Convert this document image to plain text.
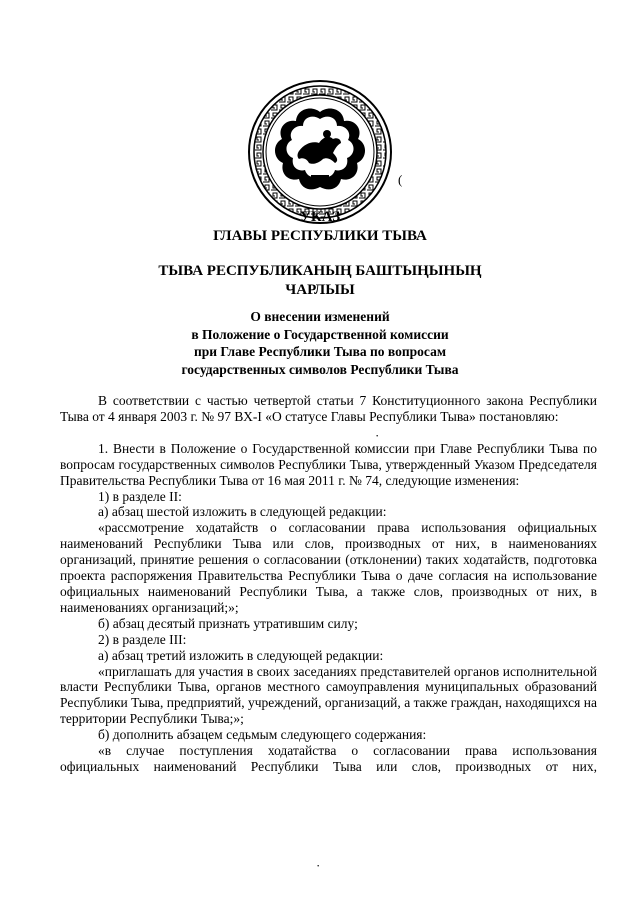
(
УКАЗ
ГЛАВЫ РЕСПУБЛИКИ ТЫВА
ТЫВА РЕСПУБЛИКАНЫҢ БАШТЫҢЫНЫҢ
ЧАРЛЫЫ
О внесении изменений
в Положение о Государственной комиссии
при Главе Республики Тыва по вопросам
государственных символов Республики Тыва

В соответствии с частью четвертой статьи 7 Конституционного закона Республики Тыва от 4 января 2003 г. № 97 ВХ-I «О статусе Главы Республики Тыва» постановляю:

1. Внести в Положение о Государственной комиссии при Главе Республики Тыва по вопросам государственных символов Республики Тыва, утвержденный Указом Председателя Правительства Республики Тыва от 16 мая 2011 г. № 74, следующие изменения:

1) в разделе II:

а) абзац шестой изложить в следующей редакции:

«рассмотрение ходатайств о согласовании права использования официальных наименований Республики Тыва или слов, производных от них, в наименованиях организаций, принятие решения о согласовании (отклонении) таких ходатайств, подготовка проекта распоряжения Правительства Республики Тыва о даче согласия на использование официальных наименований Республики Тыва, а также слов, производных от них, в наименованиях организаций;»;

б) абзац десятый признать утратившим силу;

2) в разделе III:

а) абзац третий изложить в следующей редакции:

«приглашать для участия в своих заседаниях представителей органов исполнительной власти Республики Тыва, органов местного самоуправления муниципальных образований Республики Тыва, предприятий, учреждений, организаций, а также граждан, находящихся на территории Республики Тыва;»;

б) дополнить абзацем седьмым следующего содержания:

«в случае поступления ходатайства о согласовании права использования официальных наименований Республики Тыва или слов, производных от них,

·
·
